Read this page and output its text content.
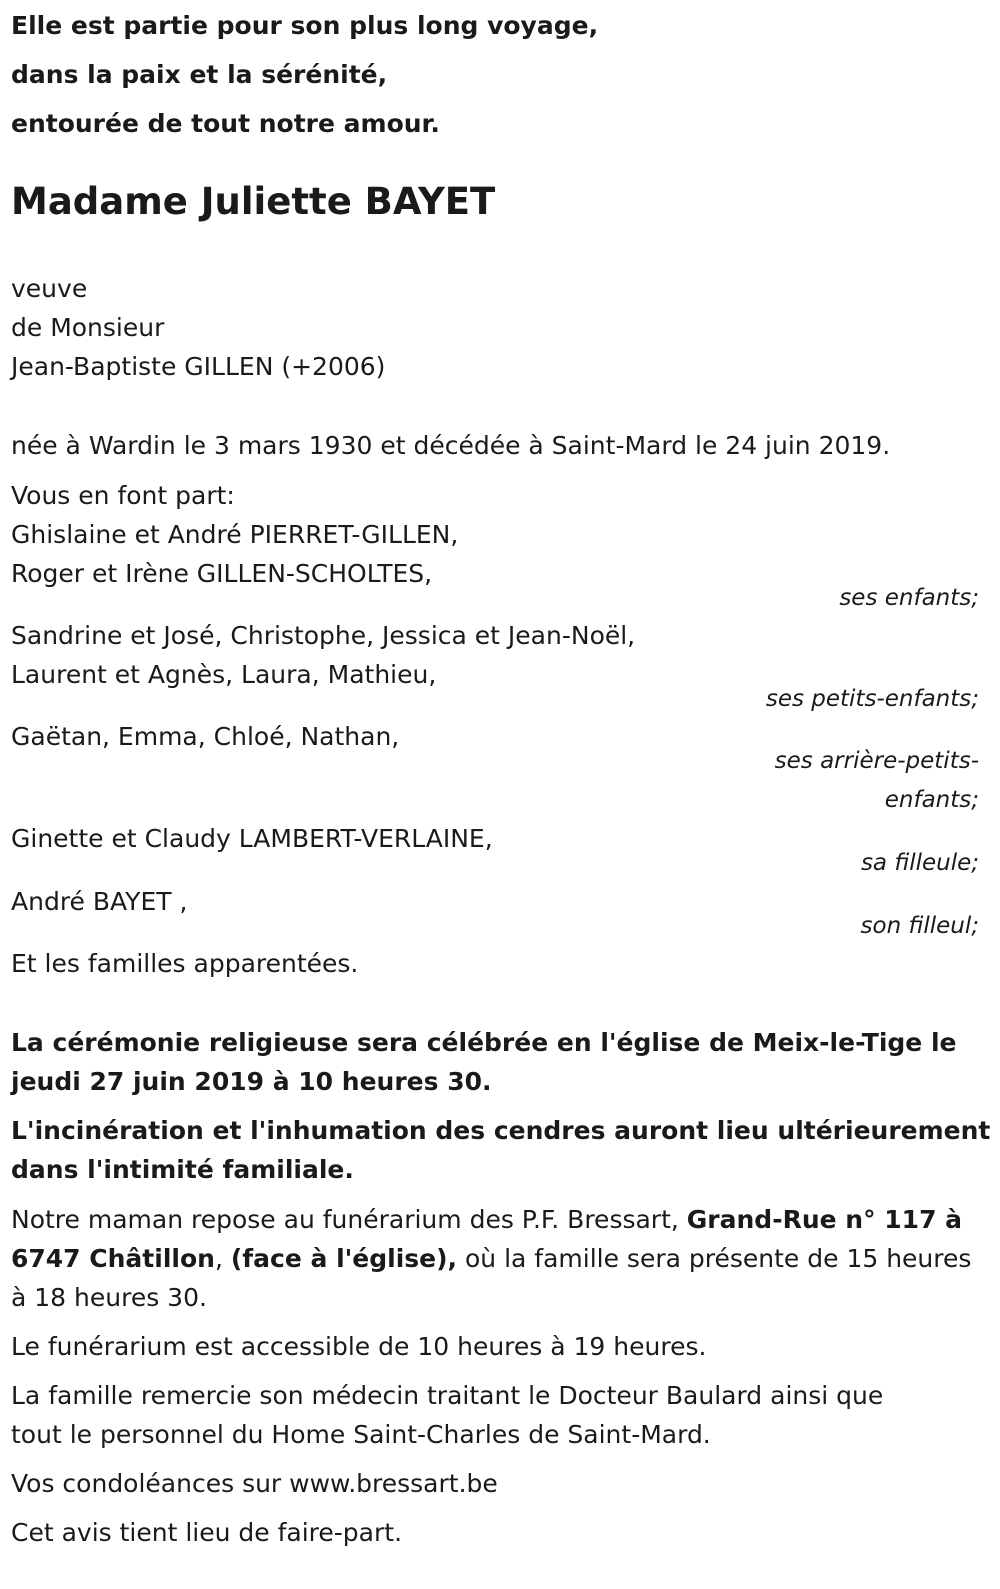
Elle est partie pour son plus long voyage,
dans la paix et la sérénité,
entourée de tout notre amour.
Madame Juliette BAYET
veuve
de Monsieur
Jean-Baptiste GILLEN (+2006)
née à Wardin le 3 mars 1930 et décédée à Saint-Mard le 24 juin 2019.
Vous en font part:
Ghislaine et André PIERRET-GILLEN,
Roger et Irène GILLEN-SCHOLTES,
ses enfants;
Sandrine et José, Christophe, Jessica et Jean-Noël,
Laurent et Agnès, Laura, Mathieu,
ses petits-enfants;
Gaëtan, Emma, Chloé, Nathan,
ses arrière-petits-
enfants;
Ginette et Claudy LAMBERT-VERLAINE,
sa filleule;
André BAYET ,
son filleul;
Et les familles apparentées.
La cérémonie religieuse sera célébrée en l'église de Meix-le-Tige le
jeudi 27 juin 2019 à 10 heures 30.
L'incinération et l'inhumation des cendres auront lieu ultérieurement
dans l'intimité familiale.
Notre maman repose au funérarium des P.F. Bressart, Grand-Rue n° 117 à
6747 Châtillon, (face à l'église), où la famille sera présente de 15 heures
à 18 heures 30.
Le funérarium est accessible de 10 heures à 19 heures.
La famille remercie son médecin traitant le Docteur Baulard ainsi que
tout le personnel du Home Saint-Charles de Saint-Mard.
Vos condoléances sur www.bressart.be
Cet avis tient lieu de faire-part.
